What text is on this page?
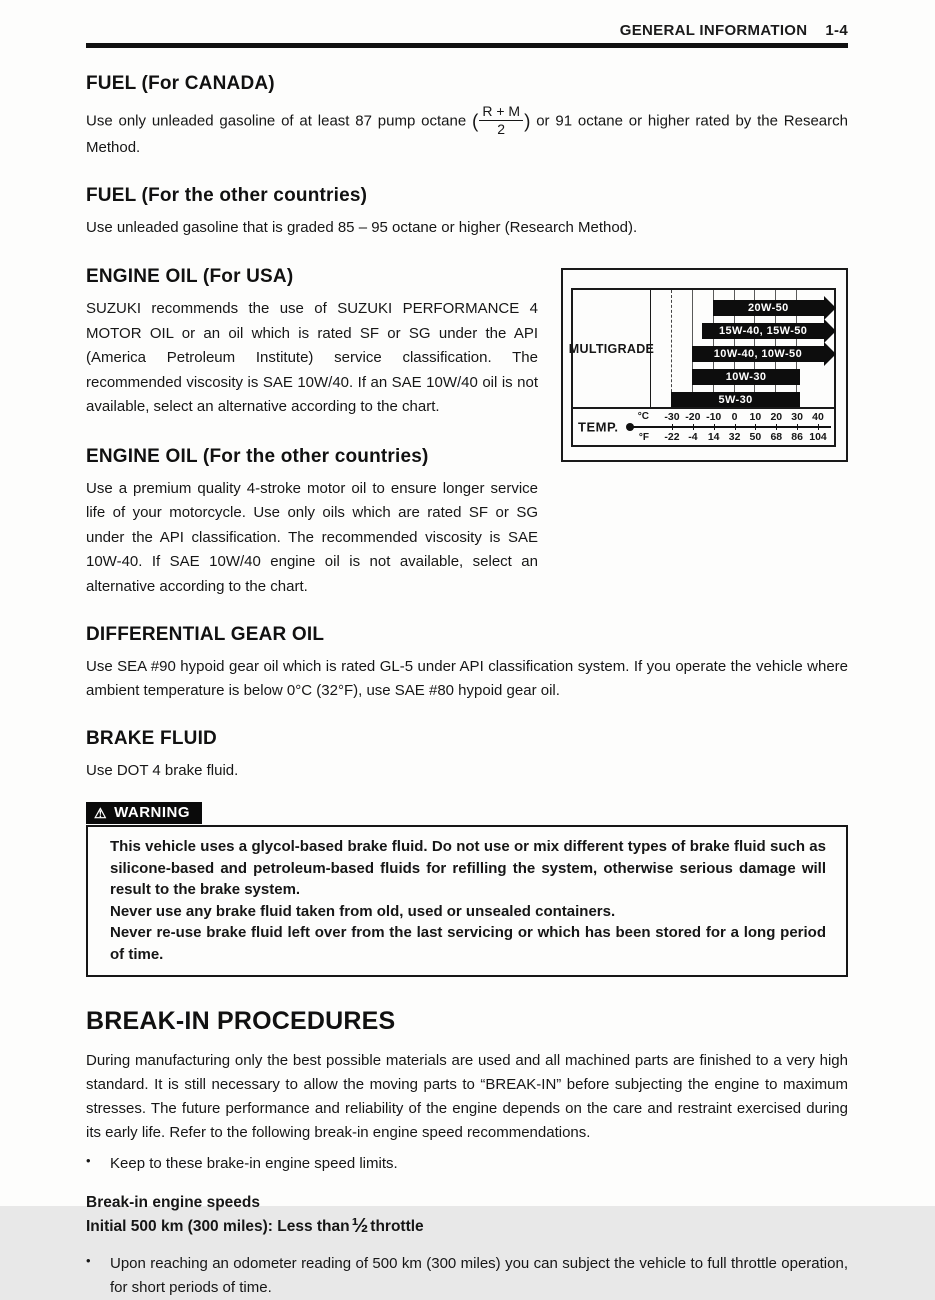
GENERAL INFORMATION 1-4
FUEL (For CANADA)

Use only unleaded gasoline of at least 87 pump octane ( $\frac{R + M}{2}$ ) or 91 octane or higher rated by the Research Method.

FUEL (For the other countries)

Use unleaded gasoline that is graded 85 – 95 octane or higher (Research Method).

ENGINE OIL (For USA)

SUZUKI recommends the use of SUZUKI PERFORMANCE 4 MOTOR OIL or an oil which is rated SF or SG under the API (America Petroleum Institute) service classification. The recommended viscosity is SAE 10W/40. If an SAE 10W/40 oil is not available, select an alternative according to the chart.

ENGINE OIL (For the other countries)

Use a premium quality 4-stroke motor oil to ensure longer service life of your motorcycle. Use only oils which are rated SF or SG under the API classification. The recommended viscosity is SAE 10W-40. If SAE 10W/40 engine oil is not available, select an alternative according to the chart.

MULTIGRADE
20W-50
15W-40, 15W-50
10W-40, 10W-50
10W-30
5W-30
TEMP.
°C
°F
-30
-22
-20
-4
-10
14
0
32
10
50
20
68
30
86
40
104
DIFFERENTIAL GEAR OIL

Use SEA #90 hypoid gear oil which is rated GL-5 under API classification system. If you operate the vehicle where ambient temperature is below 0°C (32°F), use SAE #80 hypoid gear oil.

BRAKE FLUID

Use DOT 4 brake fluid.

⚠ WARNING

This vehicle uses a glycol-based brake fluid. Do not use or mix different types of brake fluid such as silicone-based and petroleum-based fluids for refilling the system, otherwise serious damage will result to the brake system.

Never use any brake fluid taken from old, used or unsealed containers.

Never re-use brake fluid left over from the last servicing or which has been stored for a long period of time.

BREAK-IN PROCEDURES

During manufacturing only the best possible materials are used and all machined parts are finished to a very high standard. It is still necessary to allow the moving parts to “BREAK-IN” before subjecting the engine to maximum stresses. The future performance and reliability of the engine depends on the care and restraint exercised during its early life. Refer to the following break-in engine speed recommendations.

•	Keep to these brake-in engine speed limits.
Break-in engine speeds
Initial 500 km (300 miles): Less than ½ throttle
•	Upon reaching an odometer reading of 500 km (300 miles) you can subject the vehicle to full throttle operation, for short periods of time.
